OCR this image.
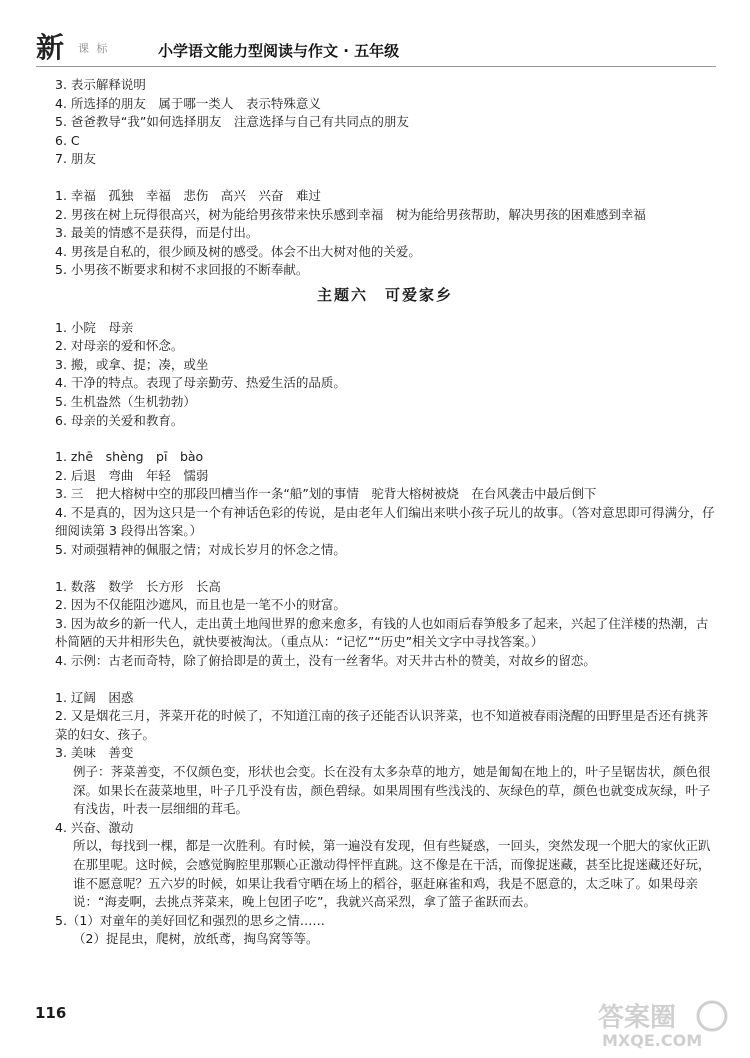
新 课 标	小学语文能力型阅读与作文 · 五年级

3. 表示解释说明

4. 所选择的朋友　属于哪一类人　表示特殊意义

5. 爸爸教导“我”如何选择朋友　注意选择与自己有共同点的朋友

6. C

7. 朋友

1. 幸福　孤独　幸福　悲伤　高兴　兴奋　难过

2. 男孩在树上玩得很高兴，树为能给男孩带来快乐感到幸福　树为能给男孩帮助，解决男孩的困难感到幸福

3. 最美的情感不是获得，而是付出。

4. 男孩是自私的，很少顾及树的感受。体会不出大树对他的关爱。

5. 小男孩不断要求和树不求回报的不断奉献。

主题六　可爱家乡

1. 小院　母亲

2. 对母亲的爱和怀念。

3. 搬，或拿、提；凑，或坐

4. 干净的特点。表现了母亲勤劳、热爱生活的品质。

5. 生机盎然（生机勃勃）

6. 母亲的关爱和教育。

1. zhē　shèng　pī　bào

2. 后退　弯曲　年轻　懦弱

3. 三　把大榕树中空的那段凹槽当作一条“船”划的事情　驼背大榕树被烧　在台风袭击中最后倒下

4. 不是真的，因为这只是一个有神话色彩的传说，是由老年人们编出来哄小孩子玩儿的故事。（答对意思即可得满分，仔细阅读第 3 段得出答案。）

5. 对顽强精神的佩服之情；对成长岁月的怀念之情。

1. 数落　数学　长方形　长高

2. 因为不仅能阻沙遮风，而且也是一笔不小的财富。

3. 因为故乡的新一代人，走出黄土地闯世界的愈来愈多，有钱的人也如雨后春笋般多了起来，兴起了住洋楼的热潮，古朴简陋的天井相形失色，就快要被淘汰。（重点从：“记忆”“历史”相关文字中寻找答案。）

4. 示例：古老而奇特，除了俯拾即是的黄土，没有一丝奢华。对天井古朴的赞美，对故乡的留恋。

1. 辽阔　困惑

2. 又是烟花三月，荠菜开花的时候了，不知道江南的孩子还能否认识荠菜，也不知道被春雨浇醒的田野里是否还有挑荠菜的妇女、孩子。

3. 美味　善变

例子：荠菜善变，不仅颜色变，形状也会变。长在没有太多杂草的地方，她是匍匐在地上的，叶子呈锯齿状，颜色很深。如果长在菠菜地里，叶子几乎没有齿，颜色碧绿。如果周围有些浅浅的、灰绿色的草，颜色也就变成灰绿，叶子有浅齿，叶表一层细细的茸毛。

4. 兴奋、激动

所以，每找到一棵，都是一次胜利。有时候，第一遍没有发现，但有些疑惑，一回头，突然发现一个肥大的家伙正趴在那里呢。这时候，会感觉胸腔里那颗心正激动得怦怦直跳。这不像是在干活，而像捉迷藏，甚至比捉迷藏还好玩，谁不愿意呢？五六岁的时候，如果让我看守晒在场上的稻谷，驱赶麻雀和鸡，我是不愿意的，太乏味了。如果母亲说：“海麦啊，去挑点荠菜来，晚上包团子吃”，我就兴高采烈，拿了篮子雀跃而去。

5.（1）对童年的美好回忆和强烈的思乡之情……

（2）捉昆虫，爬树，放纸鸢，掏鸟窝等等。

116	答案圈
MXQE.COM
